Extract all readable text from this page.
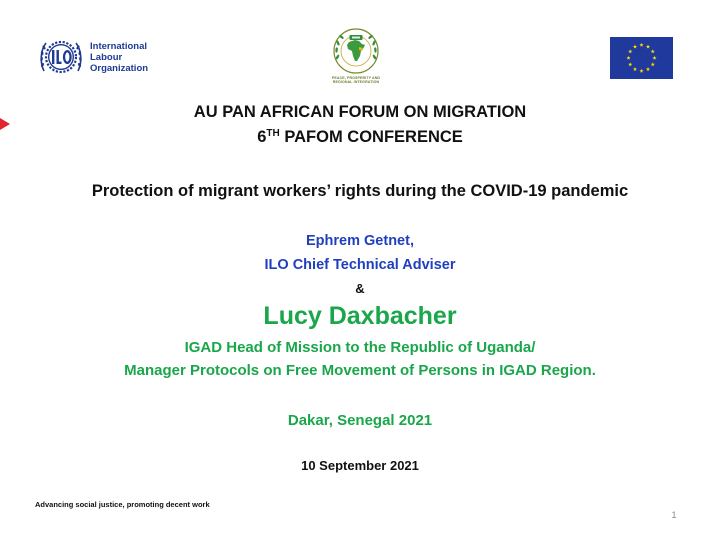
International
Labour
Organization
PEACE, PROSPERITY AND
REGIONAL INTEGRATION
AU PAN AFRICAN FORUM ON MIGRATION
6TH PAFOM CONFERENCE
Protection of migrant workers’ rights during the COVID-19 pandemic
Ephrem Getnet,
ILO Chief Technical Adviser
&
Lucy Daxbacher
IGAD Head of Mission to the Republic of Uganda/
Manager Protocols on Free Movement of Persons in IGAD Region.
Dakar, Senegal 2021
10 September 2021
Advancing social justice, promoting decent work
1
